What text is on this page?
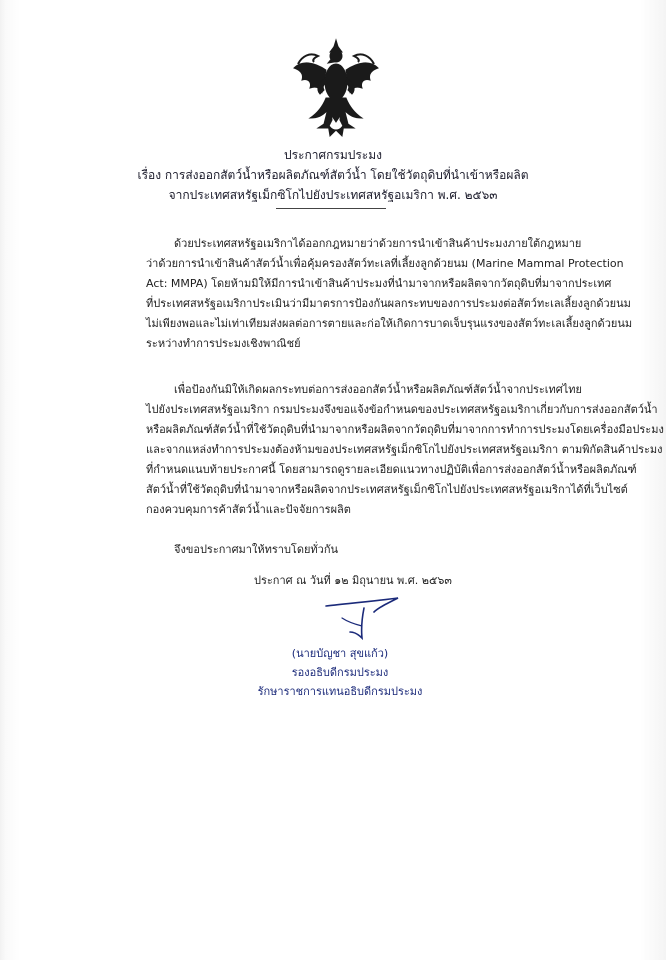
ประกาศกรมประมง
เรื่อง การส่งออกสัตว์น้ำหรือผลิตภัณฑ์สัตว์น้ำ โดยใช้วัตถุดิบที่นำเข้าหรือผลิต
จากประเทศสหรัฐเม็กซิโกไปยังประเทศสหรัฐอเมริกา พ.ศ. ๒๕๖๓
ด้วยประเทศสหรัฐอเมริกาได้ออกกฎหมายว่าด้วยการนำเข้าสินค้าประมงภายใต้กฎหมาย
ว่าด้วยการนำเข้าสินค้าสัตว์น้ำเพื่อคุ้มครองสัตว์ทะเลที่เลี้ยงลูกด้วยนม (Marine Mammal Protection
Act: MMPA) โดยห้ามมิให้มีการนำเข้าสินค้าประมงที่นำมาจากหรือผลิตจากวัตถุดิบที่มาจากประเทศ
ที่ประเทศสหรัฐอเมริกาประเมินว่ามีมาตรการป้องกันผลกระทบของการประมงต่อสัตว์ทะเลเลี้ยงลูกด้วยนม
ไม่เพียงพอและไม่เท่าเทียมส่งผลต่อการตายและก่อให้เกิดการบาดเจ็บรุนแรงของสัตว์ทะเลเลี้ยงลูกด้วยนม
ระหว่างทำการประมงเชิงพาณิชย์
เพื่อป้องกันมิให้เกิดผลกระทบต่อการส่งออกสัตว์น้ำหรือผลิตภัณฑ์สัตว์น้ำจากประเทศไทย
ไปยังประเทศสหรัฐอเมริกา กรมประมงจึงขอแจ้งข้อกำหนดของประเทศสหรัฐอเมริกาเกี่ยวกับการส่งออกสัตว์น้ำ
หรือผลิตภัณฑ์สัตว์น้ำที่ใช้วัตถุดิบที่นำมาจากหรือผลิตจากวัตถุดิบที่มาจากการทำการประมงโดยเครื่องมือประมง
และจากแหล่งทำการประมงต้องห้ามของประเทศสหรัฐเม็กซิโกไปยังประเทศสหรัฐอเมริกา ตามพิกัดสินค้าประมง
ที่กำหนดแนบท้ายประกาศนี้ โดยสามารถดูรายละเอียดแนวทางปฏิบัติเพื่อการส่งออกสัตว์น้ำหรือผลิตภัณฑ์
สัตว์น้ำที่ใช้วัตถุดิบที่นำมาจากหรือผลิตจากประเทศสหรัฐเม็กซิโกไปยังประเทศสหรัฐอเมริกาได้ที่เว็บไซต์
กองควบคุมการค้าสัตว์น้ำและปัจจัยการผลิต
จึงขอประกาศมาให้ทราบโดยทั่วกัน
ประกาศ ณ วันที่ ๑๒ มิถุนายน พ.ศ. ๒๕๖๓
(นายบัญชา สุขแก้ว)
รองอธิบดีกรมประมง
รักษาราชการแทนอธิบดีกรมประมง
